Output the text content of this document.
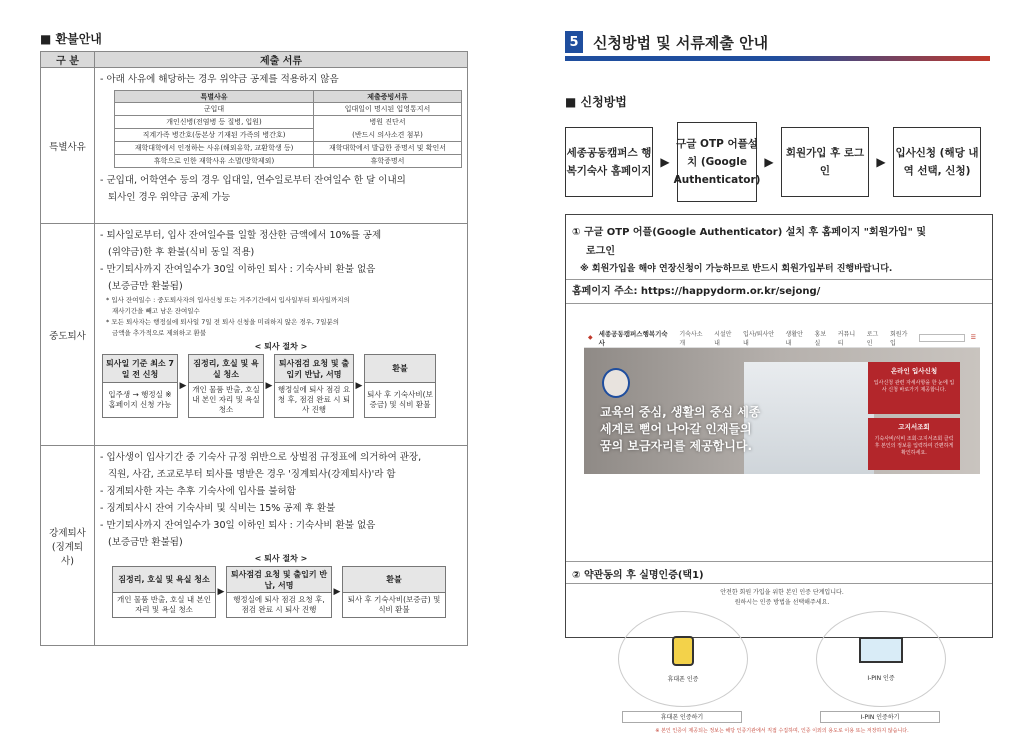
■ 환불안내
구 분	제출 서류
특별사유	
- 아래 사유에 해당하는 경우 위약금 공제를 적용하지 않음
특별사유	제출증빙서류
군입대	입대일이 명시된 입영통지서
개인신병(전염병 등 질병, 입원)	병원 진단서
직계가족 병간호(동본상 기재된 가족의 병간호)	(반드시 의사소견 첨부)
재학대학에서 인정하는 사유(해외유학, 교환학생 등)	재학대학에서 발급한 증명서 및 확인서
휴학으로 인한 재학사유 소멸(방학제외)	휴학증명서
- 군입대, 어학연수 등의 경우 입대일, 연수일로부터 잔여일수 한 달 이내의
퇴사인 경우 위약금 공제 가능

중도퇴사	
- 퇴사일로부터, 입사 잔여일수를 일할 정산한 금액에서 10%를 공제
(위약금)한 후 환불(식비 동일 적용)
- 만기퇴사까지 잔여일수가 30일 이하인 퇴사 : 기숙사비 환불 없음
(보증금만 환불됨)
* 입사 잔여일수 : 중도퇴사자의 입사신청 또는 거주기간에서 입사일부터 퇴사일까지의
재사기간을 빼고 남은 잔여일수
* 모든 퇴사자는 행정실에 퇴사일 7일 전 퇴사 신청을 미리하지 않은 경우, 7일분의
금액을 추가적으로 제외하고 환불
< 퇴사 절차 >
퇴사일 기준 최소 7일 전 신청
입주생 → 행정실 ※ 홈페이지 신청 가능
▶
짐정리, 호실 및 욕실 청소
개인 물품 반출, 호실 내 본인 자리 및 욕실 청소
▶
퇴사점검 요청 및 출입키 반납, 서명
행정실에 퇴사 점검 요청 후, 점검 완료 시 퇴사 진행
▶
환불
퇴사 후 기숙사비(보증금) 및 식비 환불

강제퇴사
(징계퇴사)

- 입사생이 입사기간 중 기숙사 규정 위반으로 상벌점 규정표에 의거하여 관장,
직원, 사감, 조교로부터 퇴사를 명받은 경우 '징계퇴사(강제퇴사)'라 함
- 징계퇴사한 자는 추후 기숙사에 입사를 불허함
- 징계퇴사시 잔여 기숙사비 및 식비는 15% 공제 후 환불
- 만기퇴사까지 잔여일수가 30일 이하인 퇴사 : 기숙사비 환불 없음
(보증금만 환불됨)
< 퇴사 절차 >
짐정리, 호실 및 욕실 청소
개인 물품 반출, 호실 내 본인 자리 및 욕실 청소
▶
퇴사점검 요청 및 출입키 반납, 서명
행정실에 퇴사 점검 요청 후, 점검 완료 시 퇴사 진행
▶
환불
퇴사 후 기숙사비(보증금) 및 식비 환불
5 신청방법 및 서류제출 안내
■ 신청방법
세종공동캠퍼스 행복기숙사 홈페이지
▶
구글 OTP 어플설치 (Google Authenticator)
▶
회원가입 후 로그인
▶
입사신청 (해당 내역 선택, 신청)
① 구글 OTP 어플(Google Authenticator) 설치 후 홈페이지 "회원가입" 및
로그인
※ 회원가입을 해야 연장신청이 가능하므로 반드시 회원가입부터 진행바랍니다.
홈페이지 주소: https://happydorm.or.kr/sejong/
◆ 세종공동캠퍼스행복기숙사
기숙사소개
시설안내
입사/퇴사안내
생활안내
홍보실
커뮤니티
로그인
회원가입
☰
교육의 중심, 생활의 중심 세종
세계로 뻗어 나아갈 인재들의
꿈의 보금자리를 제공합니다.
온라인 입사신청
입사신청 관련 자세사항을 한 눈에 입사 신청 바로가기 제공합니다.
고지서조회
기숙사비/식비 조회·고지서조회 클릭 후 본인의 정보를 입력하여 간편하게 확인하세요.
② 약관동의 후 실명인증(택1)
안전한 회원 가입을 위한 본인 인증 단계입니다.
원하시는 인증 방법을 선택해주세요.
휴대폰 인증	I-PIN 인증
휴대폰 인증하기	I-PIN 인증하기
※ 본인 인증이 제공되는 정보는 해당 인증기관에서 직접 수집하며, 인증 이외의 용도로 이용 또는 저장하지 않습니다.
